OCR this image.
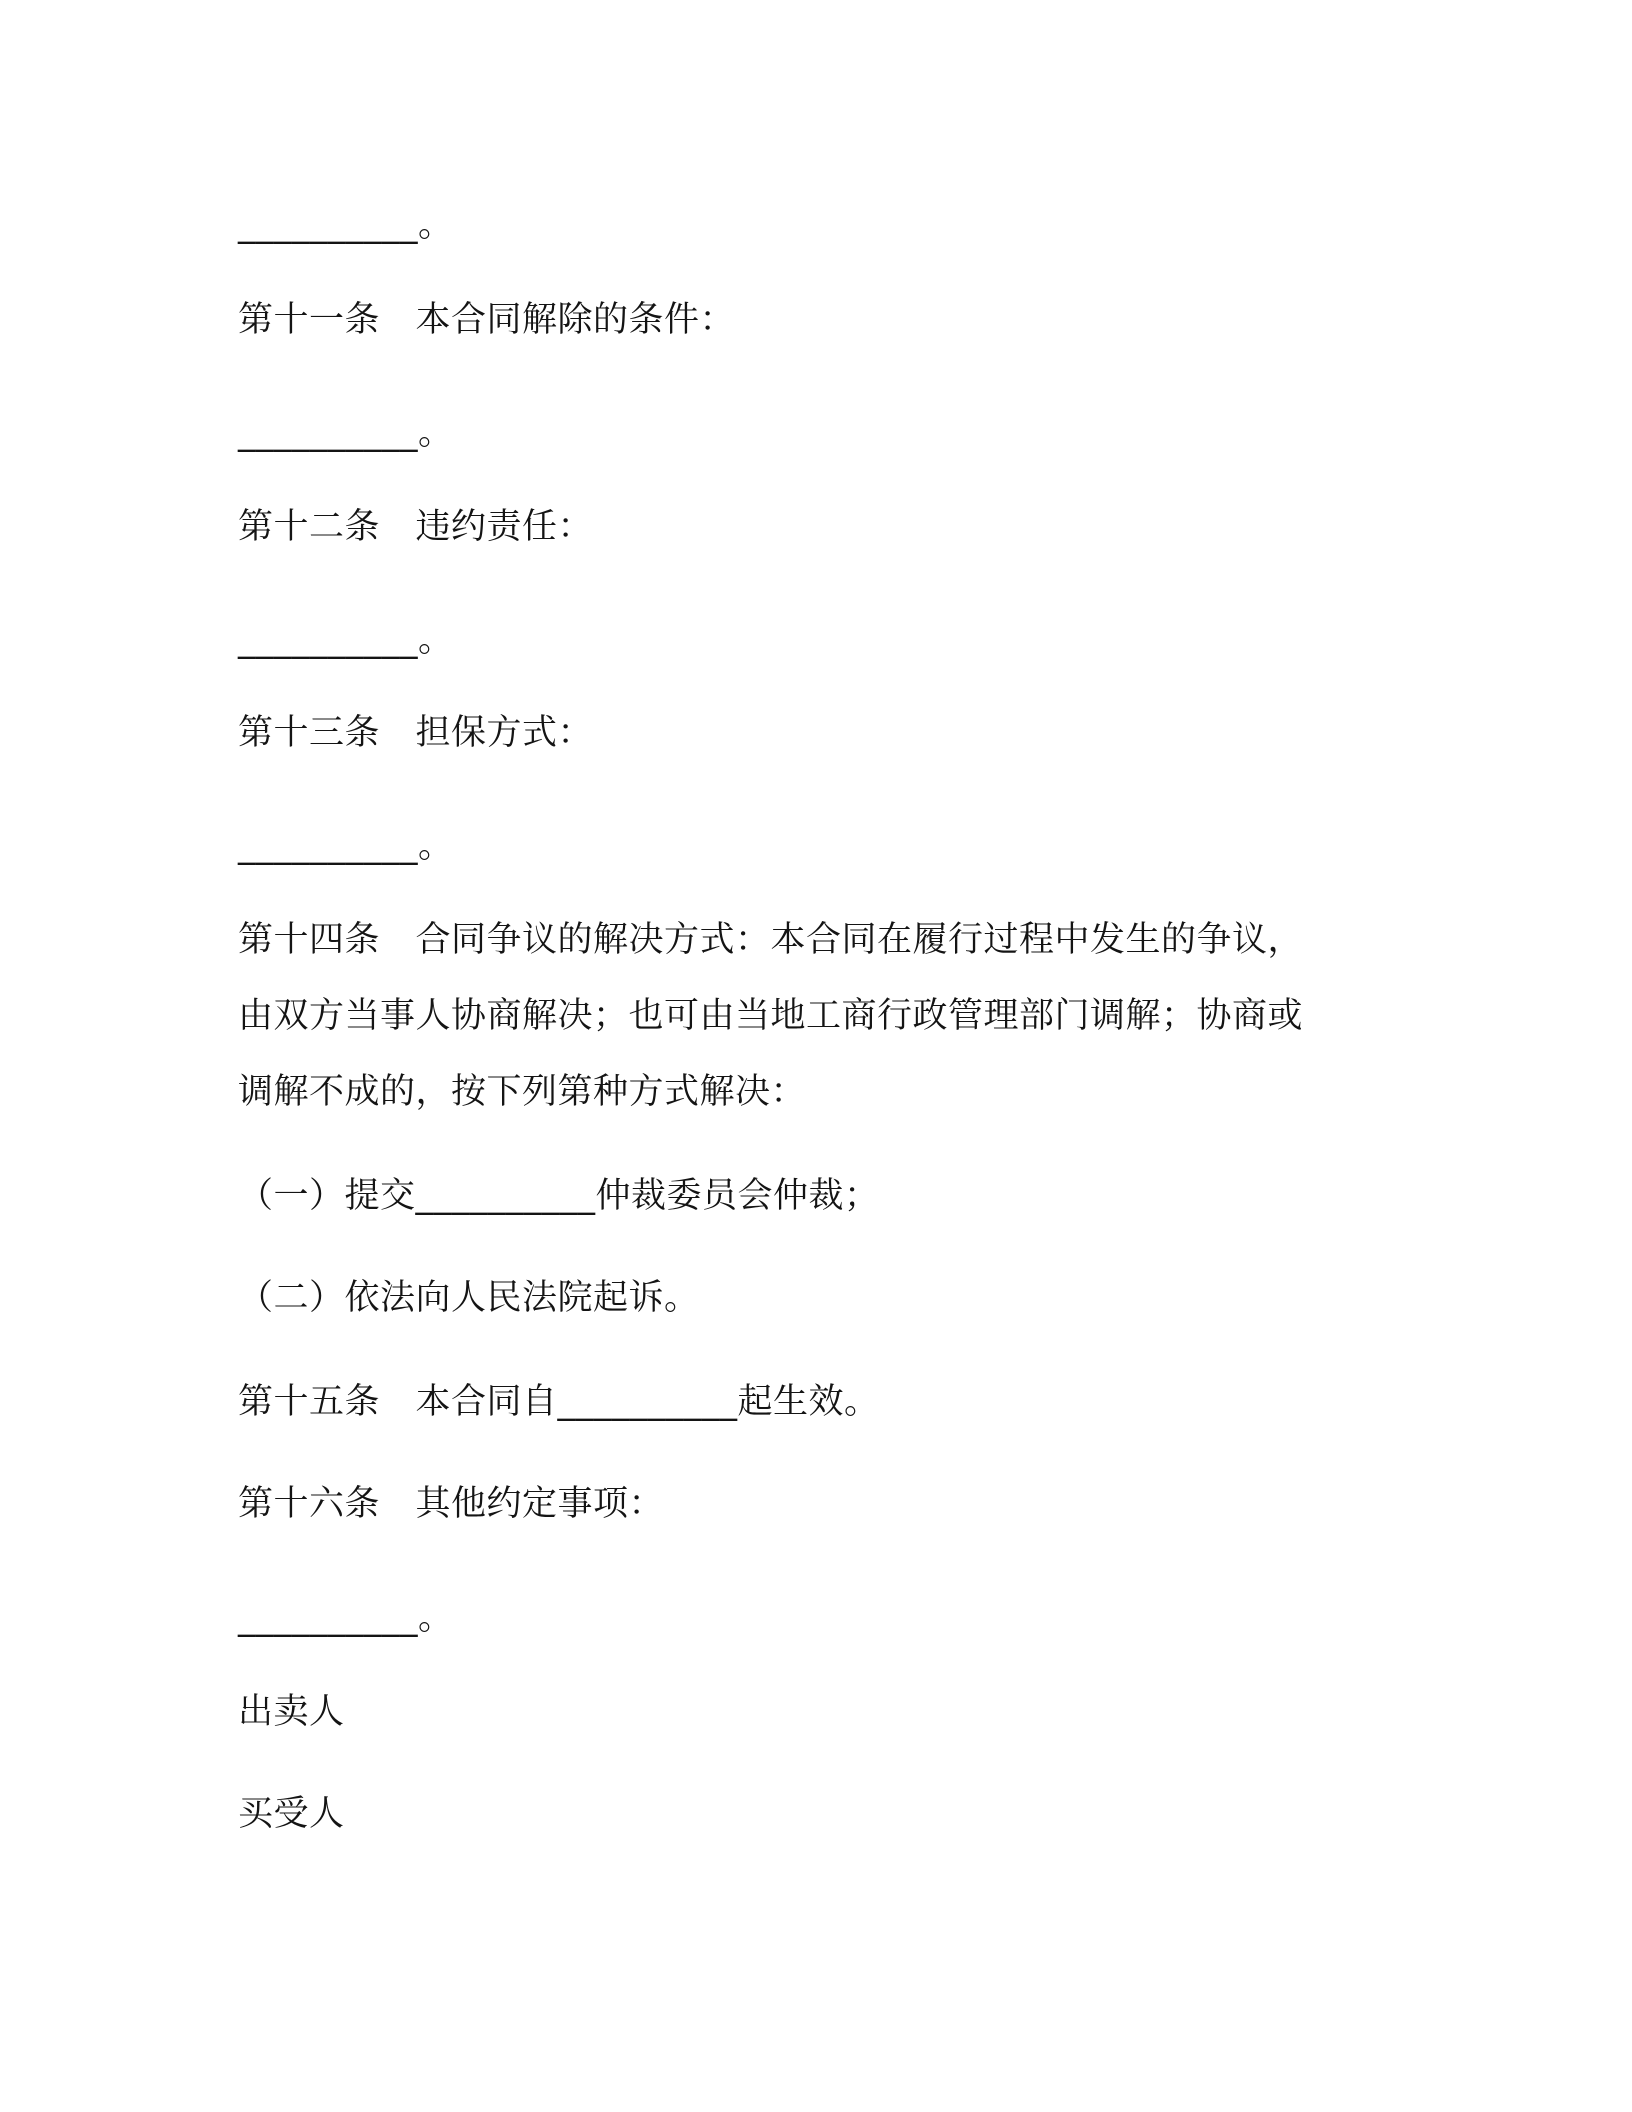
__________。
第十一条　本合同解除的条件：
__________。
第十二条　违约责任：
__________。
第十三条　担保方式：
__________。
第十四条　合同争议的解决方式：本合同在履行过程中发生的争议，
由双方当事人协商解决；也可由当地工商行政管理部门调解；协商或
调解不成的，按下列第种方式解决：
（一）提交__________仲裁委员会仲裁；
（二）依法向人民法院起诉。
第十五条　本合同自__________起生效。
第十六条　其他约定事项：
__________。
出卖人
买受人
